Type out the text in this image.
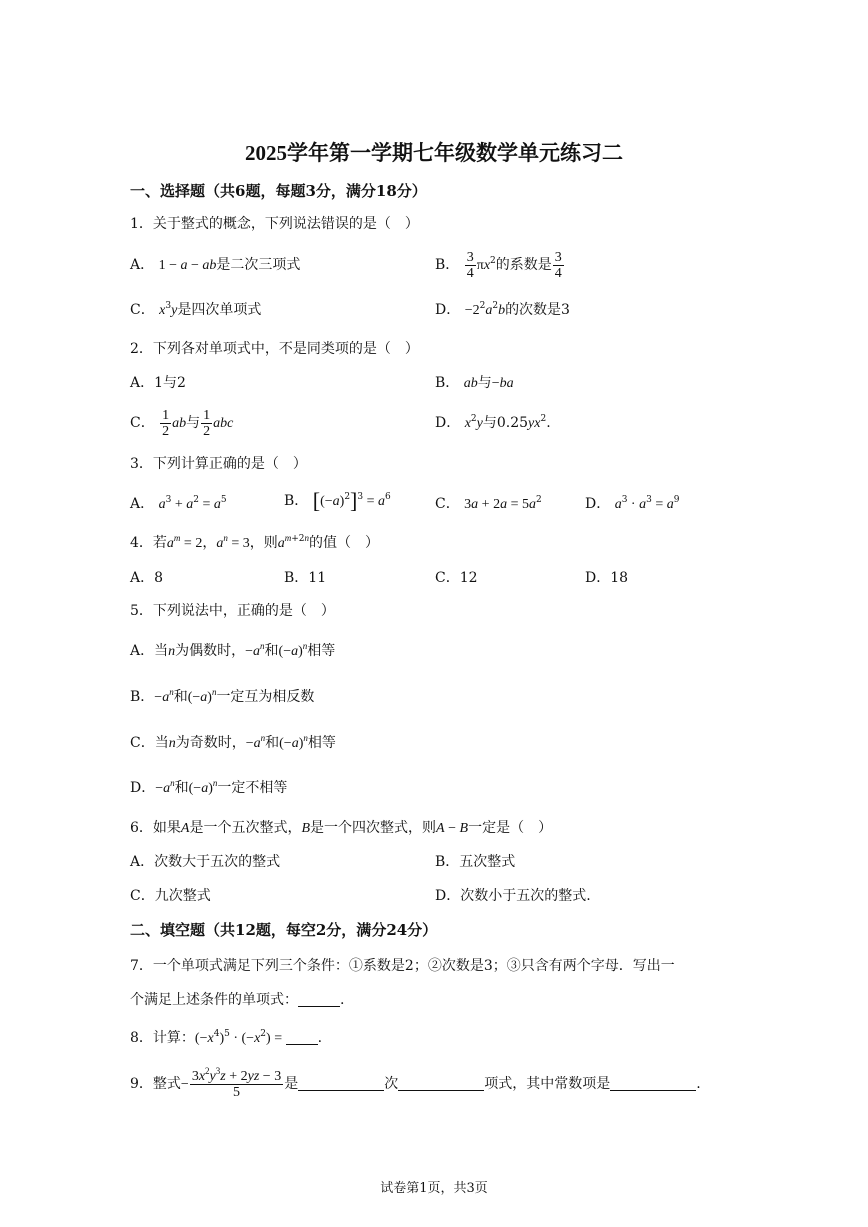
2025学年第一学期七年级数学单元练习二
一、选择题（共6题，每题3分，满分18分）
1．关于整式的概念，下列说法错误的是（　）
A． 1 − a − ab是二次三项式	B． $\frac{3}{4} \pi x^2$的系数是 $\frac{3}{4}$
C． $x^3y$是四次单项式	D． $-2^2a^2b$的次数是3
2．下列各对单项式中，不是同类项的是（　）
A．1与2	B． ab与−ba
C． $\frac{1}{2}$ ab与 $\frac{1}{2}$ abc	D． $x^2y$与$0.25yx^2$.
3．下列计算正确的是（　）
A． $a^3 + a^2 = a^5$	B． $[(-a)^2]^3 = a^6$	C． $3a + 2a = 5a^2$	D． $a^3 \cdot a^3 = a^9$
4．若$a^m = 2$，$a^n = 3$，则$a^{m+2n}$的值（　）
A．8	B．11	C．12	D．18
5．下列说法中，正确的是（　）
A．当n为偶数时，$-a^n$和$(-a)^n$相等
B．$-a^n$和$(-a)^n$一定互为相反数
C．当n为奇数时，$-a^n$和$(-a)^n$相等
D．$-a^n$和$(-a)^n$一定不相等
6．如果A是一个五次整式，B是一个四次整式，则A − B一定是（　）
A．次数大于五次的整式	B．五次整式
C．九次整式	D．次数小于五次的整式.
二、填空题（共12题，每空2分，满分24分）
7．一个单项式满足下列三个条件：①系数是2；②次数是3；③只含有两个字母．写出一
个满足上述条件的单项式：	.
8．计算：$(-x^4)^5 \cdot (-x^2)$ = .
9．整式− $\frac{3x^2y^3z + 2yz - 3}{5}$ 是	次	项式，其中常数项是	.
试卷第1页，共3页
